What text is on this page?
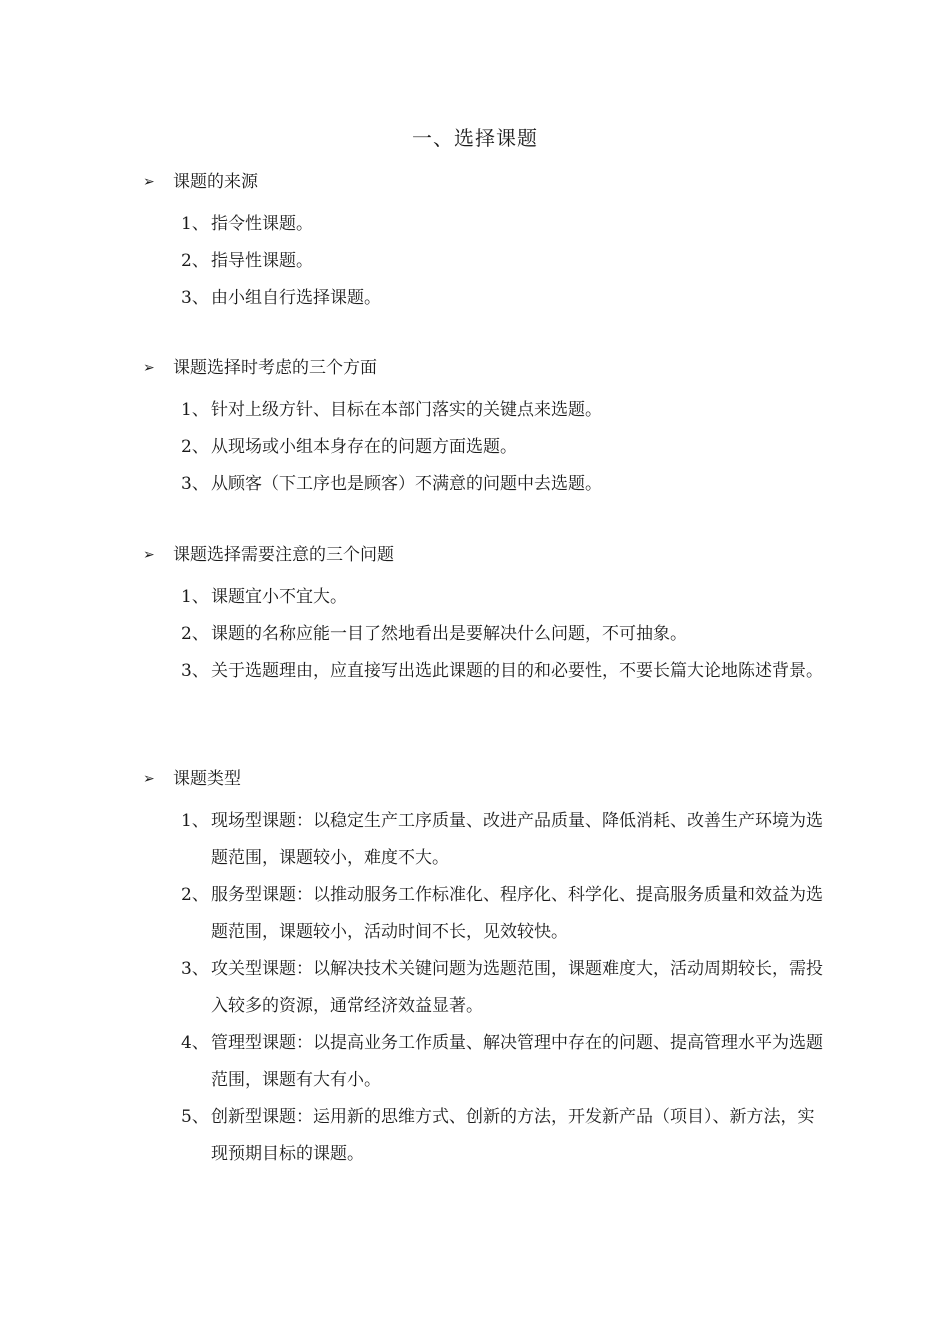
一、选择课题
➢	课题的来源
1、 指令性课题。
2、 指导性课题。
3、 由小组自行选择课题。
➢	课题选择时考虑的三个方面
1、 针对上级方针、目标在本部门落实的关键点来选题。
2、 从现场或小组本身存在的问题方面选题。
3、 从顾客（下工序也是顾客）不满意的问题中去选题。
➢	课题选择需要注意的三个问题
1、 课题宜小不宜大。
2、 课题的名称应能一目了然地看出是要解决什么问题，不可抽象。
3、 关于选题理由，应直接写出选此课题的目的和必要性，不要长篇大论地陈述背景。
➢	课题类型
1、 现场型课题：以稳定生产工序质量、改进产品质量、降低消耗、改善生产环境为选题范围，课题较小，难度不大。
2、 服务型课题：以推动服务工作标准化、程序化、科学化、提高服务质量和效益为选题范围，课题较小，活动时间不长，见效较快。
3、 攻关型课题：以解决技术关键问题为选题范围，课题难度大，活动周期较长，需投入较多的资源，通常经济效益显著。
4、 管理型课题：以提高业务工作质量、解决管理中存在的问题、提高管理水平为选题范围，课题有大有小。
5、 创新型课题：运用新的思维方式、创新的方法，开发新产品（项目）、新方法，实现预期目标的课题。
